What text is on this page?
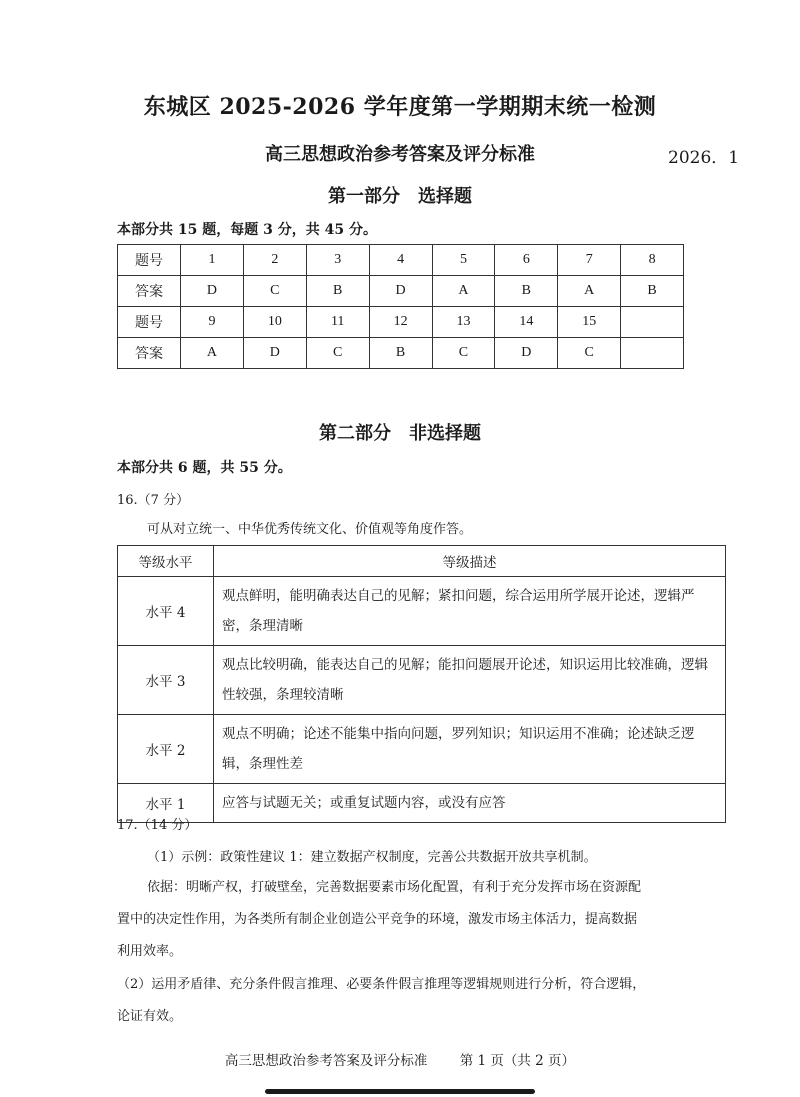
东城区 2025-2026 学年度第一学期期末统一检测
高三思想政治参考答案及评分标准	2026．1
第一部分　选择题
本部分共 15 题，每题 3 分，共 45 分。
题号	1	2	3	4	5	6	7	8
答案	D	C	B	D	A	B	A	B
题号	9	10	11	12	13	14	15	
答案	A	D	C	B	C	D	C	
第二部分　非选择题
本部分共 6 题，共 55 分。
16.（7 分）
可从对立统一、中华优秀传统文化、价值观等角度作答。
等级水平	等级描述
水平 4	观点鲜明，能明确表达自己的见解；紧扣问题，综合运用所学展开论述，逻辑严密，条理清晰
水平 3	观点比较明确，能表达自己的见解；能扣问题展开论述，知识运用比较准确，逻辑性较强，条理较清晰
水平 2	观点不明确；论述不能集中指向问题，罗列知识；知识运用不准确；论述缺乏逻辑，条理性差
水平 1	应答与试题无关；或重复试题内容，或没有应答
17.（14 分）
（1）示例：政策性建议 1：建立数据产权制度，完善公共数据开放共享机制。
依据：明晰产权，打破壁垒，完善数据要素市场化配置，有利于充分发挥市场在资源配
置中的决定性作用，为各类所有制企业创造公平竞争的环境，激发市场主体活力，提高数据
利用效率。
（2）运用矛盾律、充分条件假言推理、必要条件假言推理等逻辑规则进行分析，符合逻辑，
论证有效。
高三思想政治参考答案及评分标准 第 1 页（共 2 页）
